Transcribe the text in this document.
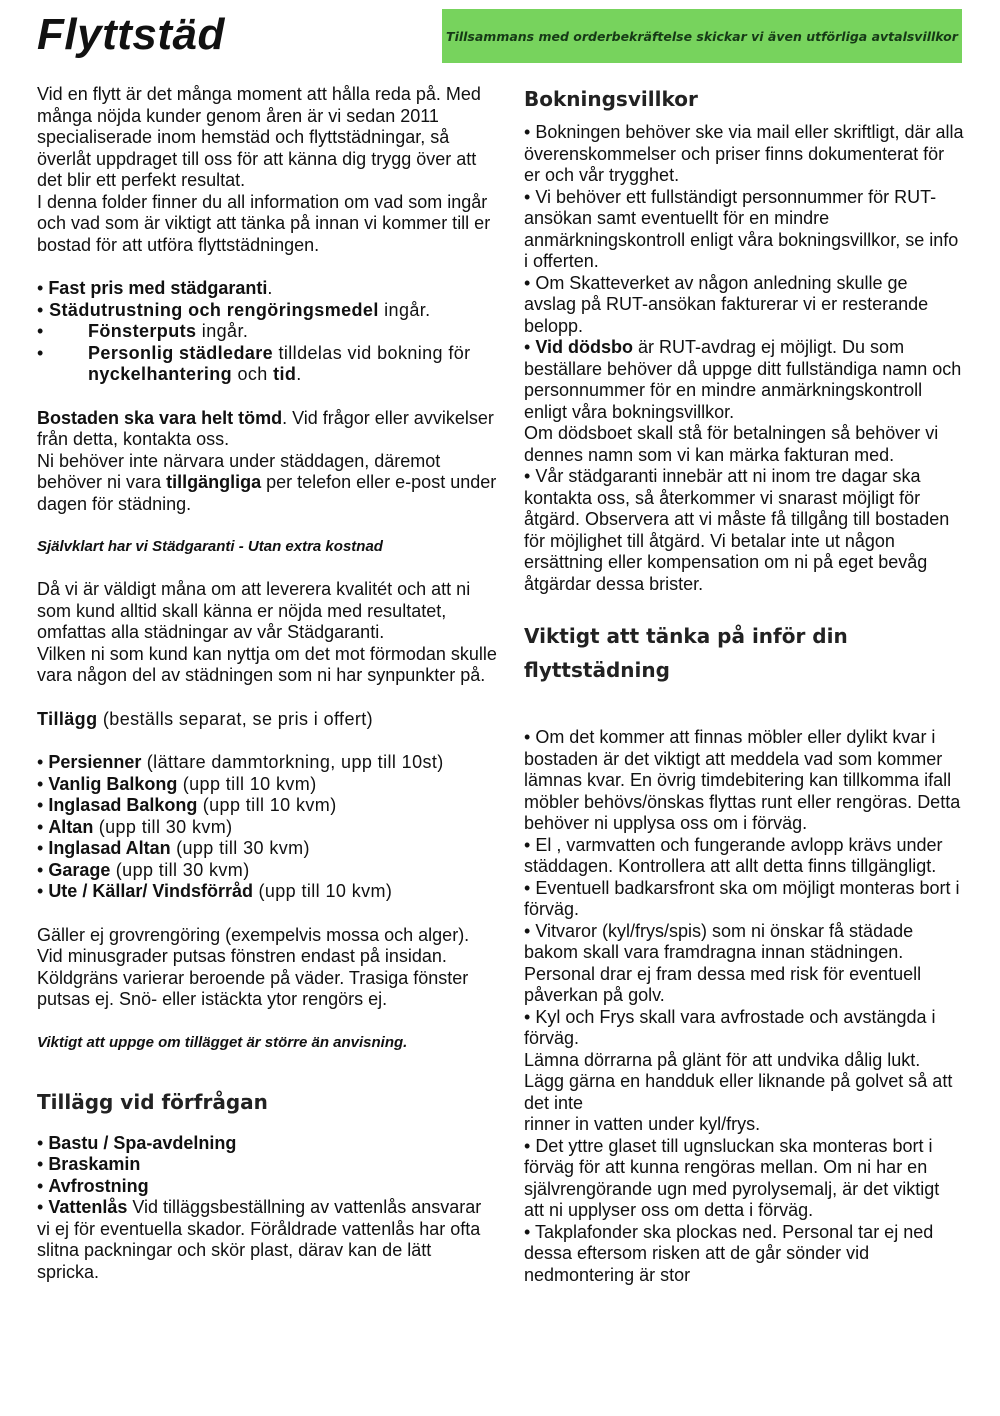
Flyttstäd	Tillsammans med orderbekräftelse skickar vi även utförliga avtalsvillkor

Vid en flytt är det många moment att hålla reda på. Med många nöjda kunder genom åren är vi sedan 2011 specialiserade inom hemstäd och flyttstädningar, så överlåt uppdraget till oss för att känna dig trygg över att det blir ett perfekt resultat.

I denna folder finner du all information om vad som ingår och vad som är viktigt att tänka på innan vi kommer till er bostad för att utföra flyttstädningen.

• Fast pris med städgaranti.

• Städutrustning och rengöringsmedel ingår.

•	Fönsterputs ingår.
•	Personlig städledare tilldelas vid bokning för nyckelhantering och tid.

Bostaden ska vara helt tömd. Vid frågor eller avvikelser från detta, kontakta oss.

Ni behöver inte närvara under städdagen, däremot behöver ni vara tillgängliga per telefon eller e-post under dagen för städning.

Självklart har vi Städgaranti - Utan extra kostnad

Då vi är väldigt måna om att leverera kvalitét och att ni som kund alltid skall känna er nöjda med resultatet, omfattas alla städningar av vår Städgaranti.

Vilken ni som kund kan nyttja om det mot förmodan skulle vara någon del av städningen som ni har synpunkter på.

Tillägg (beställs separat, se pris i offert)

• Persienner (lättare dammtorkning, upp till 10st)

• Vanlig Balkong (upp till 10 kvm)

• Inglasad Balkong (upp till 10 kvm)

• Altan (upp till 30 kvm)

• Inglasad Altan (upp till 30 kvm)

• Garage (upp till 30 kvm)

• Ute / Källar/ Vindsförråd (upp till 10 kvm)

Gäller ej grovrengöring (exempelvis mossa och alger). Vid minusgrader putsas fönstren endast på insidan. Köldgräns varierar beroende på väder. Trasiga fönster putsas ej. Snö- eller istäckta ytor rengörs ej.

Viktigt att uppge om tillägget är större än anvisning.

Tillägg vid förfrågan

• Bastu / Spa-avdelning

• Braskamin

• Avfrostning

• Vattenlås Vid tilläggsbeställning av vattenlås ansvarar vi ej för eventuella skador. Föråldrade vattenlås har ofta slitna packningar och skör plast, därav kan de lätt spricka.

Bokningsvillkor

• Bokningen behöver ske via mail eller skriftligt, där alla överenskommelser och priser finns dokumenterat för er och vår trygghet.

• Vi behöver ett fullständigt personnummer för RUT-ansökan samt eventuellt för en mindre anmärkningskontroll enligt våra bokningsvillkor, se info i offerten.

• Om Skatteverket av någon anledning skulle ge avslag på RUT-ansökan fakturerar vi er resterande belopp.

• Vid dödsbo är RUT-avdrag ej möjligt. Du som beställare behöver då uppge ditt fullständiga namn och personnummer för en mindre anmärkningskontroll enligt våra bokningsvillkor.

Om dödsboet skall stå för betalningen så behöver vi dennes namn som vi kan märka fakturan med.

• Vår städgaranti innebär att ni inom tre dagar ska kontakta oss, så återkommer vi snarast möjligt för åtgärd. Observera att vi måste få tillgång till bostaden för möjlighet till åtgärd. Vi betalar inte ut någon ersättning eller kompensation om ni på eget bevåg åtgärdar dessa brister.

Viktigt att tänka på inför din flyttstädning

• Om det kommer att finnas möbler eller dylikt kvar i bostaden är det viktigt att meddela vad som kommer lämnas kvar. En övrig timdebitering kan tillkomma ifall möbler behövs/önskas flyttas runt eller rengöras. Detta behöver ni upplysa oss om i förväg.

• El , varmvatten och fungerande avlopp krävs under städdagen. Kontrollera att allt detta finns tillgängligt.

• Eventuell badkarsfront ska om möjligt monteras bort i förväg.

• Vitvaror (kyl/frys/spis) som ni önskar få städade bakom skall vara framdragna innan städningen. Personal drar ej fram dessa med risk för eventuell påverkan på golv.

• Kyl och Frys skall vara avfrostade och avstängda i förväg.

Lämna dörrarna på glänt för att undvika dålig lukt.

Lägg gärna en handduk eller liknande på golvet så att det inte

rinner in vatten under kyl/frys.

• Det yttre glaset till ugnsluckan ska monteras bort i förväg för att kunna rengöras mellan. Om ni har en självrengörande ugn med pyrolysemalj, är det viktigt att ni upplyser oss om detta i förväg.

• Takplafonder ska plockas ned. Personal tar ej ned dessa eftersom risken att de går sönder vid nedmontering är stor
